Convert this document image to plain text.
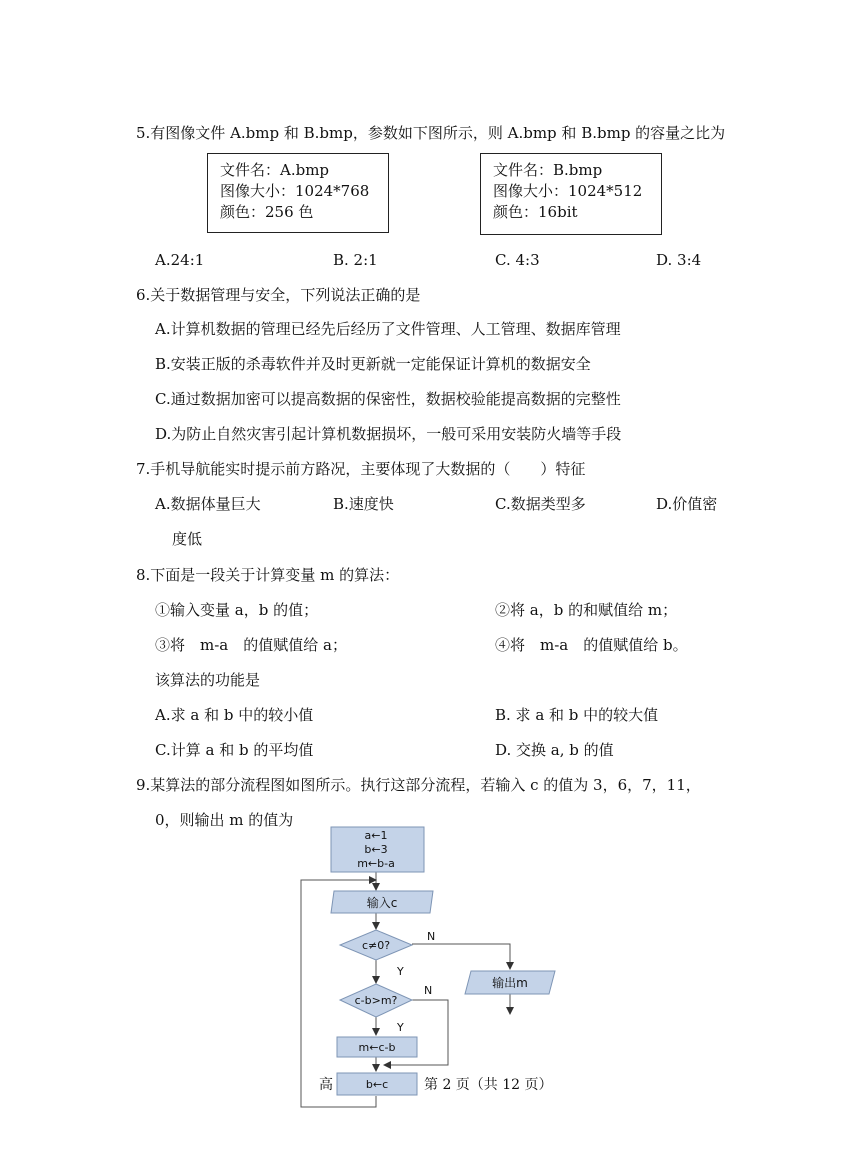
5.有图像文件 A.bmp 和 B.bmp，参数如下图所示，则 A.bmp 和 B.bmp 的容量之比为
文件名：A.bmp
图像大小：1024*768
颜色：256 色
文件名：B.bmp
图像大小：1024*512
颜色：16bit
A.24:1	B. 2:1	C. 4:3	D. 3:4
6.关于数据管理与安全，下列说法正确的是
A.计算机数据的管理已经先后经历了文件管理、人工管理、数据库管理
B.安装正版的杀毒软件并及时更新就一定能保证计算机的数据安全
C.通过数据加密可以提高数据的保密性，数据校验能提高数据的完整性
D.为防止自然灾害引起计算机数据损坏，一般可采用安装防火墙等手段
7.手机导航能实时提示前方路况，主要体现了大数据的（　　）特征
A.数据体量巨大	B.速度快	C.数据类型多	D.价值密
度低
8.下面是一段关于计算变量 m 的算法：
①输入变量 a，b 的值；	②将 a，b 的和赋值给 m；
③将　m-a　的值赋值给 a；	④将　m-a　的值赋值给 b。
该算法的功能是
A.求 a 和 b 中的较小值	B. 求 a 和 b 中的较大值
C.计算 a 和 b 的平均值	D. 交换 a, b 的值
9.某算法的部分流程图如图所示。执行这部分流程，若输入 c 的值为 3，6，7，11，
0，则输出 m 的值为
a←1
b←3
m←b-a
输入c
c≠0?
N
Y
输出m
c-b>m?
N
Y
m←c-b
b←c
高	第 2 页（共 12 页）
